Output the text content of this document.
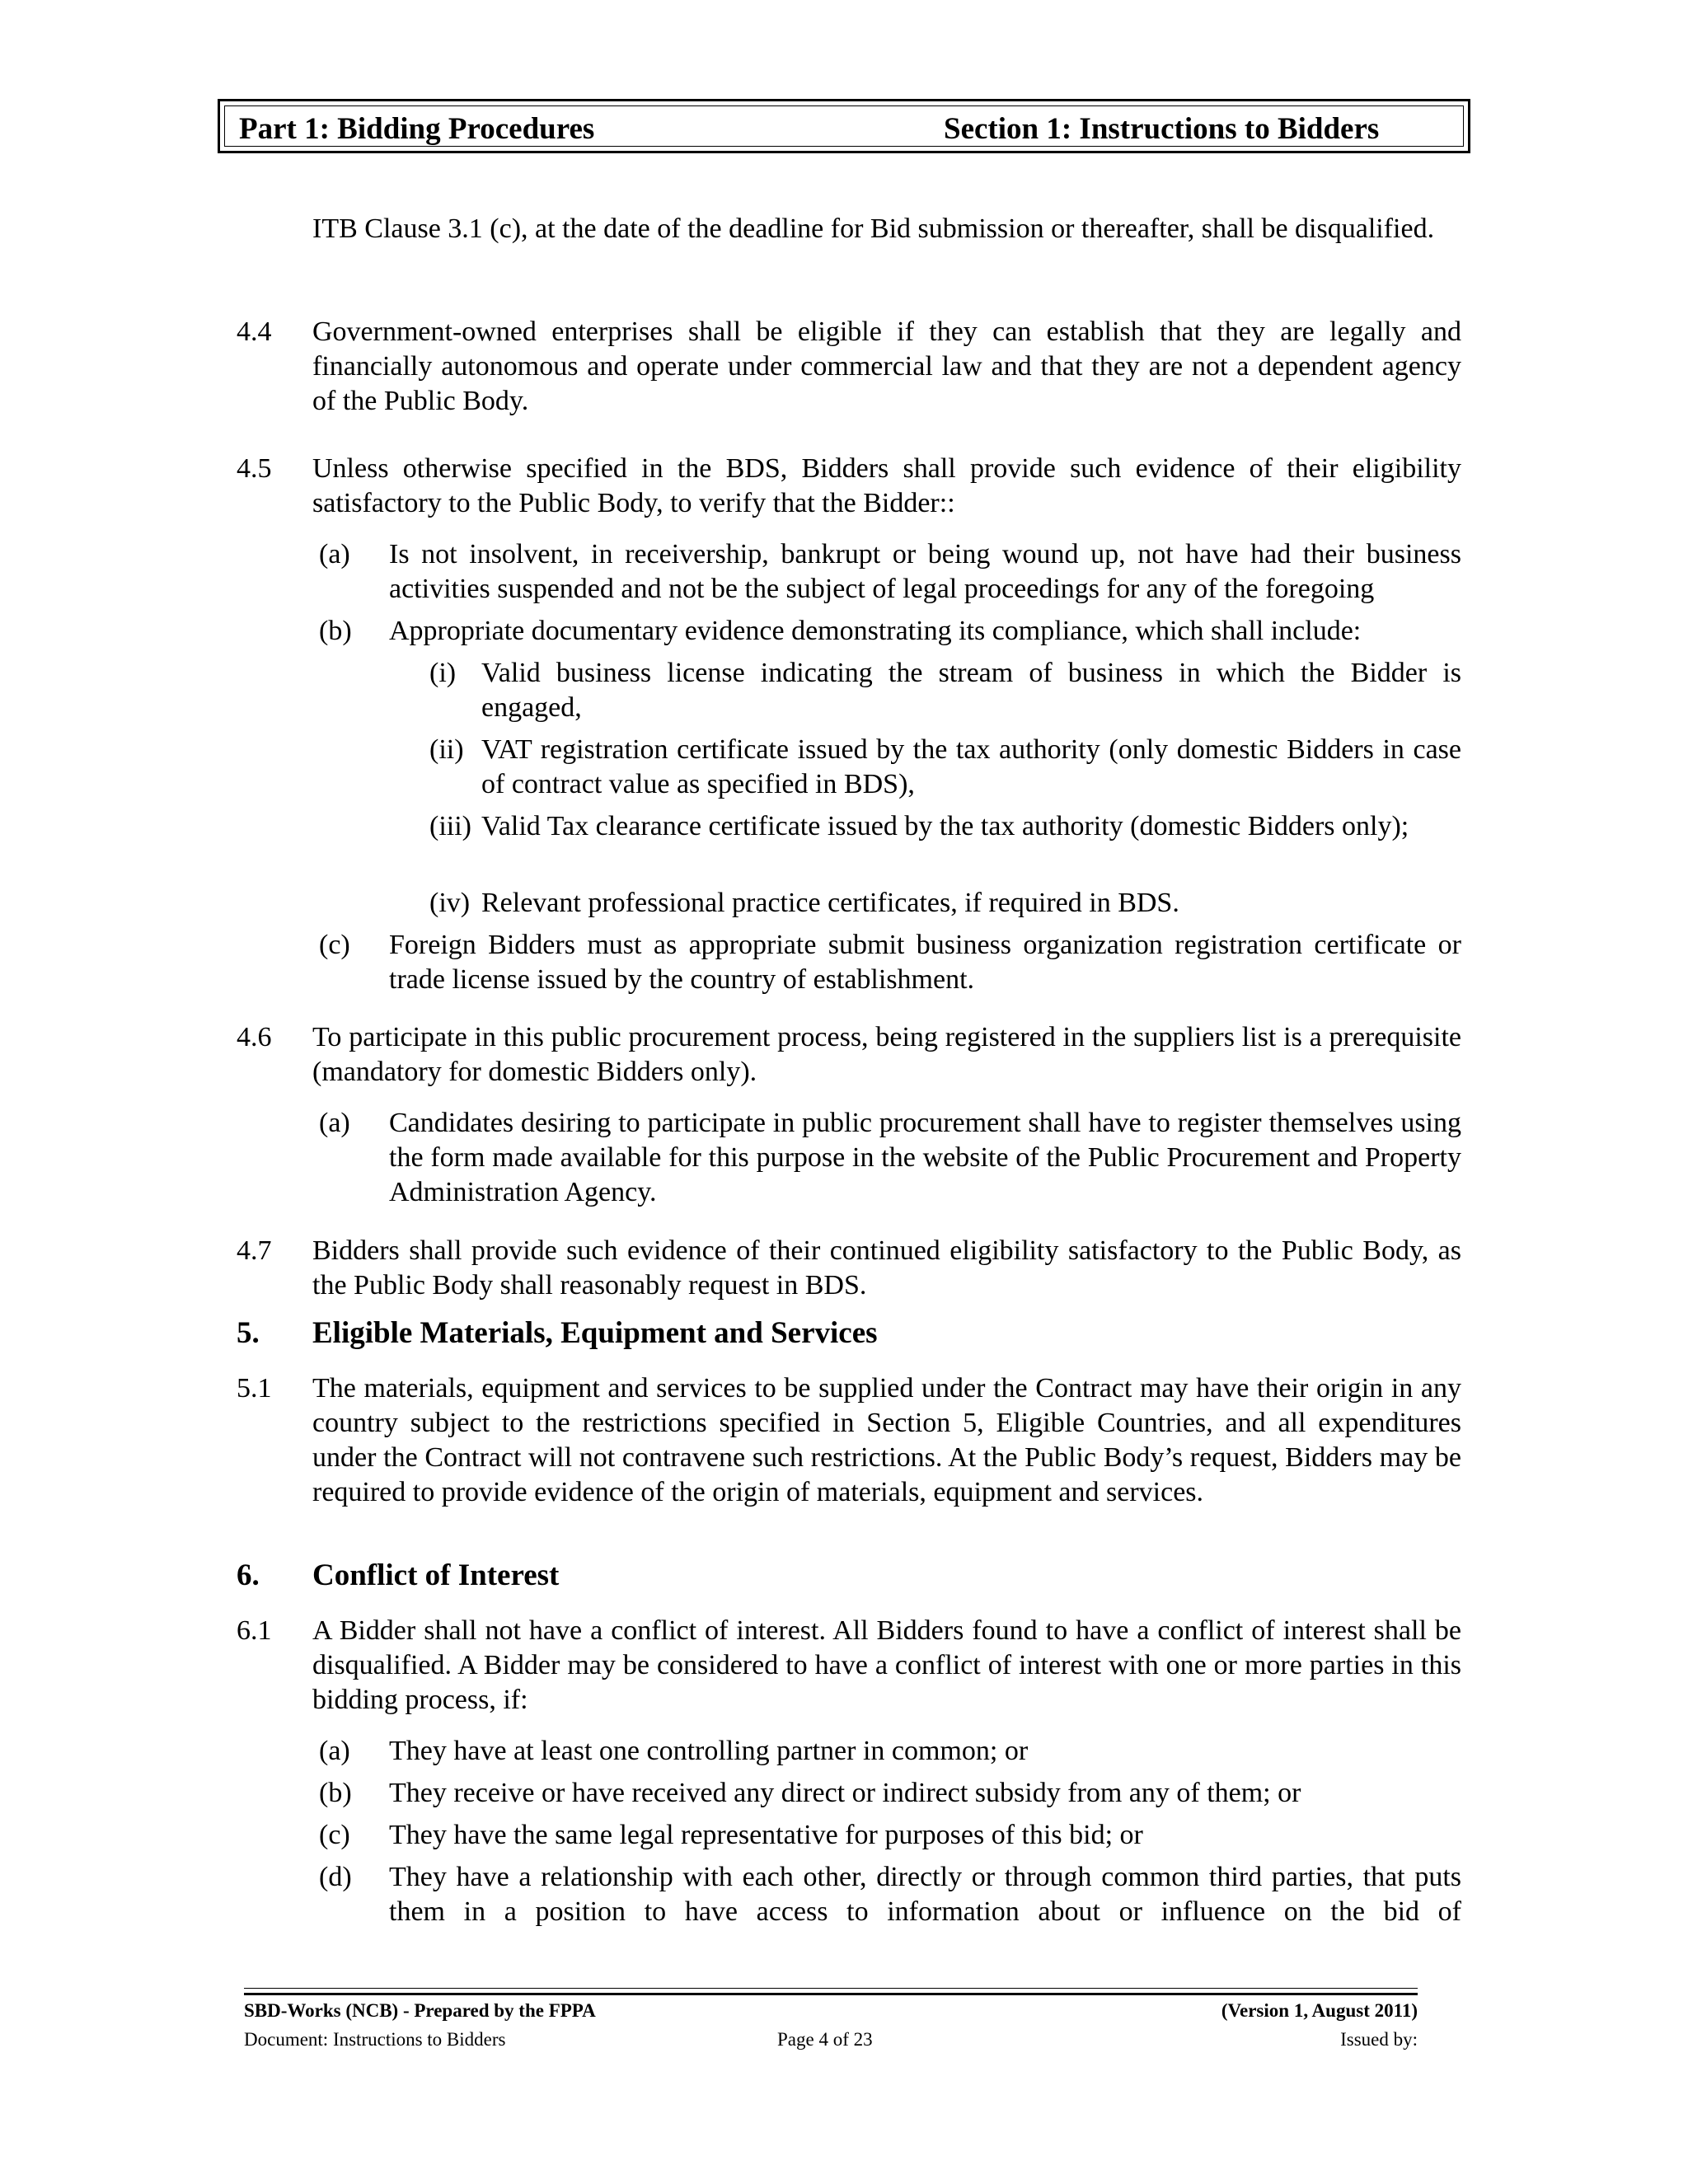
Part 1: Bidding Procedures	Section 1: Instructions to Bidders
ITB Clause 3.1 (c), at the date of the deadline for Bid submission or thereafter, shall be disqualified.
4.4 Government-owned enterprises shall be eligible if they can establish that they are legally and financially autonomous and operate under commercial law and that they are not a dependent agency of the Public Body.
4.5 Unless otherwise specified in the BDS, Bidders shall provide such evidence of their eligibility satisfactory to the Public Body, to verify that the Bidder::
(a) Is not insolvent, in receivership, bankrupt or being wound up, not have had their business activities suspended and not be the subject of legal proceedings for any of the foregoing
(b) Appropriate documentary evidence demonstrating its compliance, which shall include:
(i) Valid business license indicating the stream of business in which the Bidder is engaged,
(ii) VAT registration certificate issued by the tax authority (only domestic Bidders in case of contract value as specified in BDS),
(iii) Valid Tax clearance certificate issued by the tax authority (domestic Bidders only);
(iv) Relevant professional practice certificates, if required in BDS.
(c) Foreign Bidders must as appropriate submit business organization registration certificate or trade license issued by the country of establishment.
4.6 To participate in this public procurement process, being registered in the suppliers list is a prerequisite (mandatory for domestic Bidders only).
(a) Candidates desiring to participate in public procurement shall have to register themselves using the form made available for this purpose in the website of the Public Procurement and Property Administration Agency.
4.7 Bidders shall provide such evidence of their continued eligibility satisfactory to the Public Body, as the Public Body shall reasonably request in BDS.
5. Eligible Materials, Equipment and Services
5.1 The materials, equipment and services to be supplied under the Contract may have their origin in any country subject to the restrictions specified in Section 5, Eligible Countries, and all expenditures under the Contract will not contravene such restrictions. At the Public Body’s request, Bidders may be required to provide evidence of the origin of materials, equipment and services.
6. Conflict of Interest
6.1 A Bidder shall not have a conflict of interest. All Bidders found to have a conflict of interest shall be disqualified. A Bidder may be considered to have a conflict of interest with one or more parties in this bidding process, if:
(a) They have at least one controlling partner in common; or
(b) They receive or have received any direct or indirect subsidy from any of them; or
(c) They have the same legal representative for purposes of this bid; or
(d) They have a relationship with each other, directly or through common third parties, that puts them in a position to have access to information about or influence on the bid of
SBD-Works (NCB) - Prepared by the FPPA	(Version 1, August 2011)
Document: Instructions to Bidders	Page 4 of 23	Issued by:
